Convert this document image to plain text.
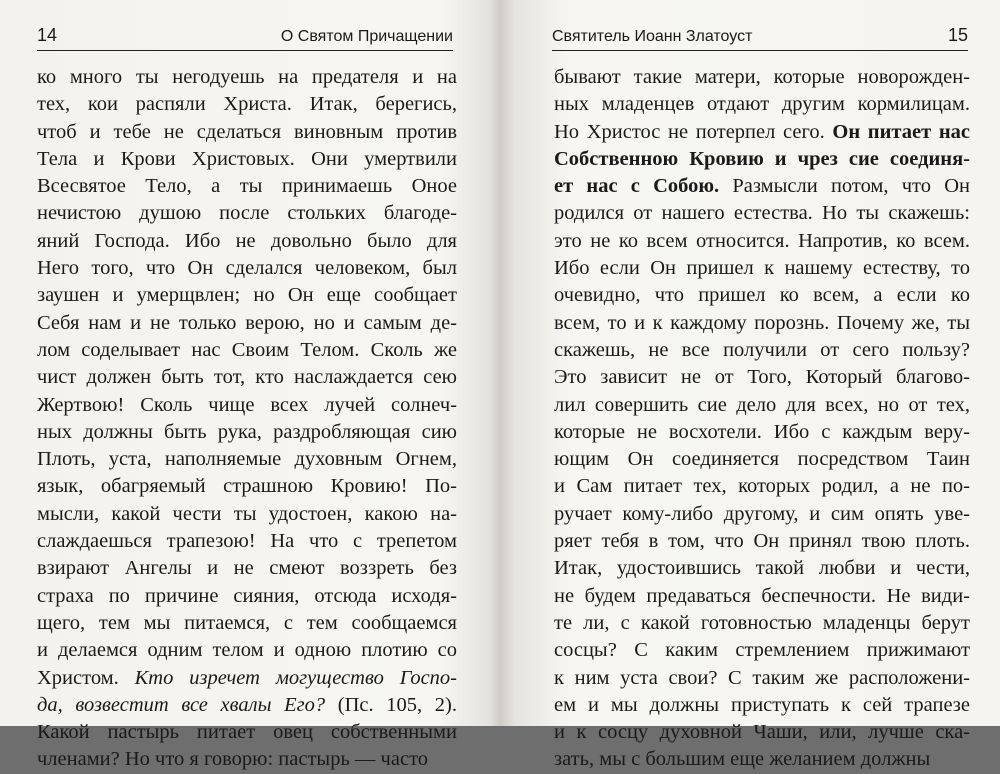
14	О Святом Причащении
ко много ты негодуешь на предателя и на
тех, кои распяли Христа. Итак, берегись,
чтоб и тебе не сделаться виновным против
Тела и Крови Христовых. Они умертвили
Всесвятое Тело, а ты принимаешь Оное
нечистою душою после стольких благоде-
яний Господа. Ибо не довольно было для
Него того, что Он сделался человеком, был
заушен и умерщвлен; но Он еще сообщает
Себя нам и не только верою, но и самым де-
лом соделывает нас Своим Телом. Сколь же
чист должен быть тот, кто наслаждается сею
Жертвою! Сколь чище всех лучей солнеч-
ных должны быть рука, раздробляющая сию
Плоть, уста, наполняемые духовным Огнем,
язык, обагряемый страшною Кровию! По-
мысли, какой чести ты удостоен, какою на-
слаждаешься трапезою! На что с трепетом
взирают Ангелы и не смеют воззреть без
страха по причине сияния, отсюда исходя-
щего, тем мы питаемся, с тем сообщаемся
и делаемся одним телом и одною плотию со
Христом. Кто изречет могущество Госпо-
да, возвестит все хвалы Его? (Пс. 105, 2).
Какой пастырь питает овец собственными
членами? Но что я говорю: пастырь — часто
Святитель Иоанн Златоуст	15
бывают такие матери, которые новорожден-
ных младенцев отдают другим кормилицам.
Но Христос не потерпел сего. Он питает нас
Собственною Кровию и чрез сие соединя-
ет нас с Собою. Размысли потом, что Он
родился от нашего естества. Но ты скажешь:
это не ко всем относится. Напротив, ко всем.
Ибо если Он пришел к нашему естеству, то
очевидно, что пришел ко всем, а если ко
всем, то и к каждому порознь. Почему же, ты
скажешь, не все получили от сего пользу?
Это зависит не от Того, Который благово-
лил совершить сие дело для всех, но от тех,
которые не восхотели. Ибо с каждым веру-
ющим Он соединяется посредством Таин
и Сам питает тех, которых родил, а не по-
ручает кому-либо другому, и сим опять уве-
ряет тебя в том, что Он принял твою плоть.
Итак, удостоившись такой любви и чести,
не будем предаваться беспечности. Не види-
те ли, с какой готовностью младенцы берут
сосцы? С каким стремлением прижимают
к ним уста свои? С таким же расположени-
ем и мы должны приступать к сей трапезе
и к сосцу духовной Чаши, или, лучше ска-
зать, мы с большим еще желанием должны
